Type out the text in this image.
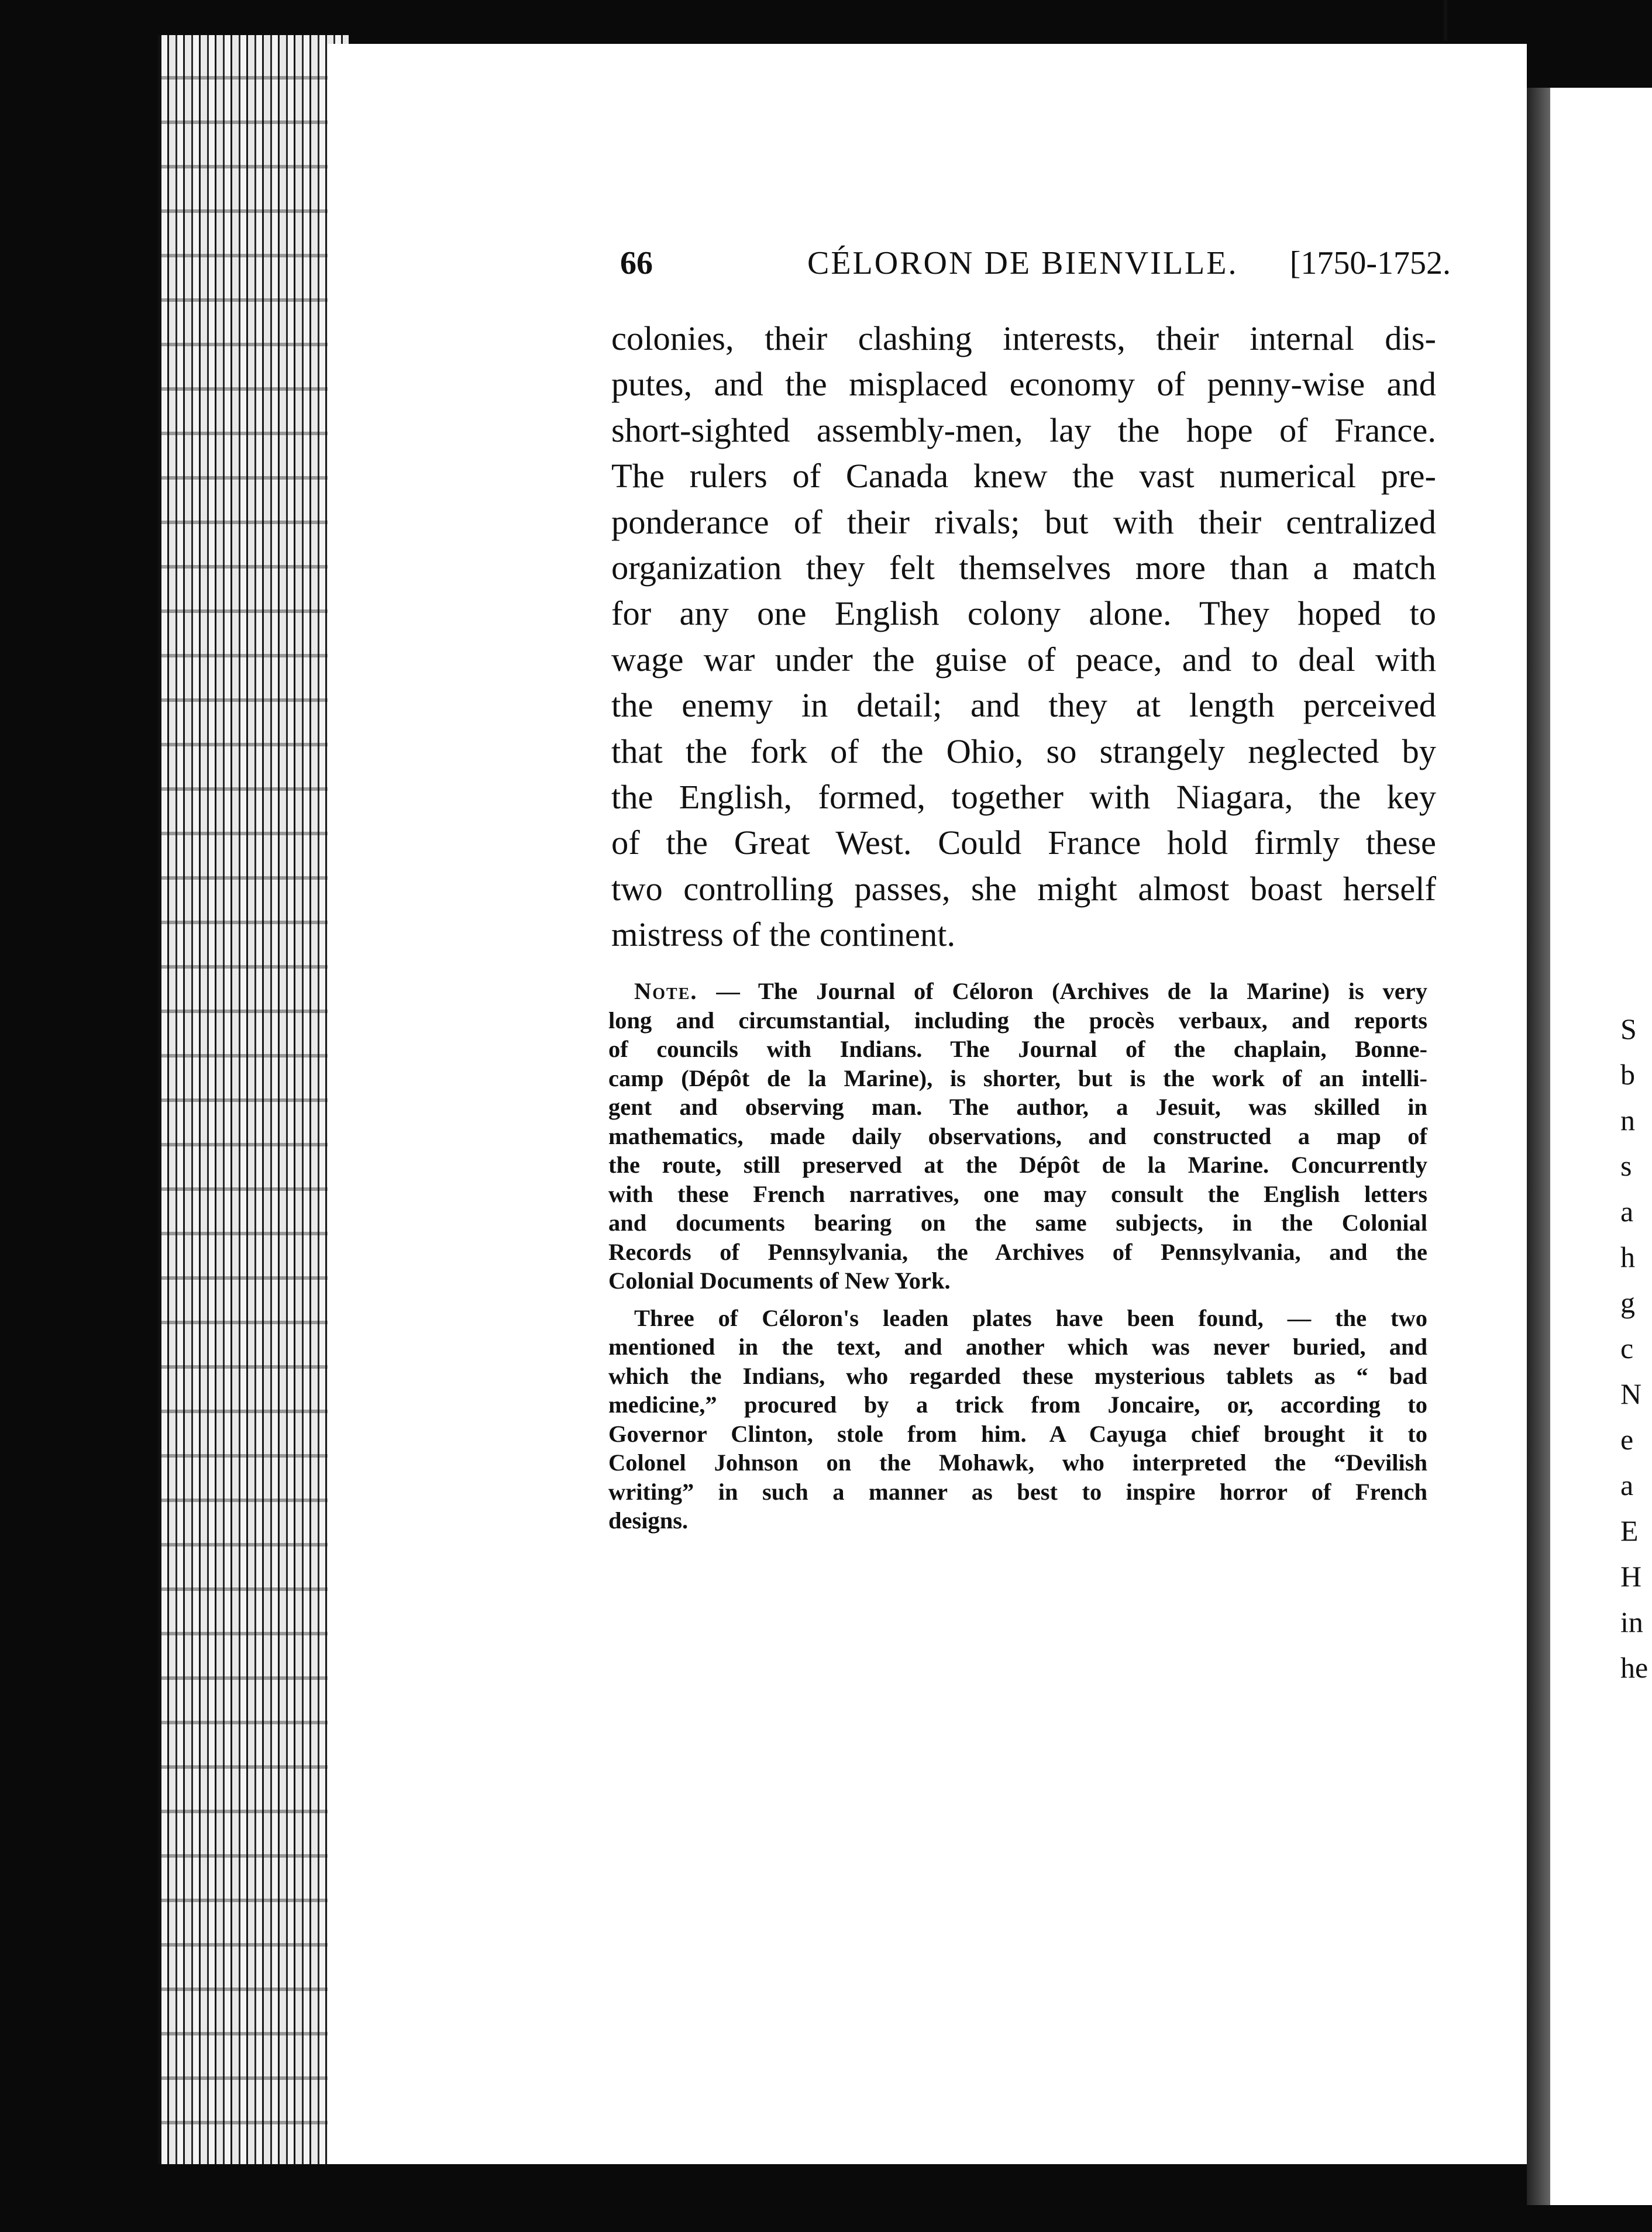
S
b
n
s
a
h
g
c
N
e
a
E
H
in
he
66	CÉLORON DE BIENVILLE. [1750-1752.
colonies, their clashing interests, their internal dis-
putes, and the misplaced economy of penny-wise and
short-sighted assembly-men, lay the hope of France.
The rulers of Canada knew the vast numerical pre-
ponderance of their rivals; but with their centralized
organization they felt themselves more than a match
for any one English colony alone. They hoped to
wage war under the guise of peace, and to deal with
the enemy in detail; and they at length perceived
that the fork of the Ohio, so strangely neglected by
the English, formed, together with Niagara, the key
of the Great West. Could France hold firmly these
two controlling passes, she might almost boast herself
mistress of the continent.
Note. — The Journal of Céloron (Archives de la Marine) is very
long and circumstantial, including the procès verbaux, and reports
of councils with Indians. The Journal of the chaplain, Bonne-
camp (Dépôt de la Marine), is shorter, but is the work of an intelli-
gent and observing man. The author, a Jesuit, was skilled in
mathematics, made daily observations, and constructed a map of
the route, still preserved at the Dépôt de la Marine. Concurrently
with these French narratives, one may consult the English letters
and documents bearing on the same subjects, in the Colonial
Records of Pennsylvania, the Archives of Pennsylvania, and the
Colonial Documents of New York.
Three of Céloron's leaden plates have been found, — the two
mentioned in the text, and another which was never buried, and
which the Indians, who regarded these mysterious tablets as “ bad
medicine,” procured by a trick from Joncaire, or, according to
Governor Clinton, stole from him. A Cayuga chief brought it to
Colonel Johnson on the Mohawk, who interpreted the “Devilish
writing” in such a manner as best to inspire horror of French
designs.
